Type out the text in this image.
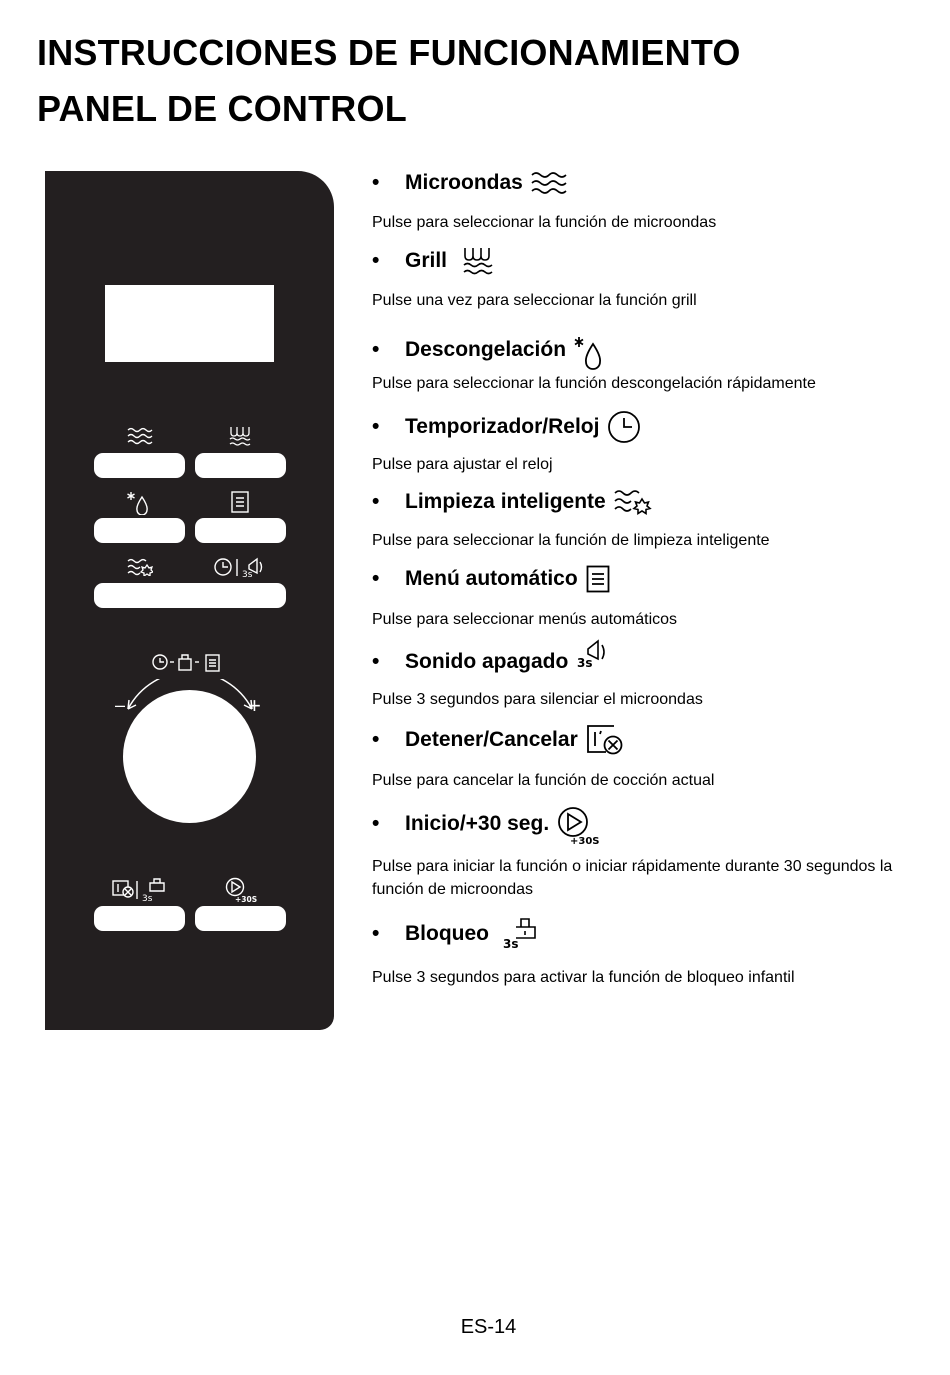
INSTRUCCIONES DE FUNCIONAMIENTO
PANEL DE CONTROL
3s
–	+
3s	+30S
•	Microondas
Pulse para seleccionar la función de microondas
•	Grill
Pulse una vez para seleccionar la función grill
•	Descongelación
Pulse para seleccionar la función descongelación rápidamente
•	Temporizador/Reloj
Pulse para ajustar el reloj
•	Limpieza inteligente
Pulse para seleccionar la función de limpieza inteligente
•	Menú automático
Pulse para seleccionar menús automáticos
•	Sonido apagado 3s
Pulse 3 segundos para silenciar el microondas
•	Detener/Cancelar
Pulse para cancelar la función de cocción actual
•	Inicio/+30 seg.
+30S
Pulse para iniciar la función o iniciar rápidamente durante 30 segundos la función de microondas
•	Bloqueo 3s
Pulse 3 segundos para activar la función de bloqueo infantil
ES-14
